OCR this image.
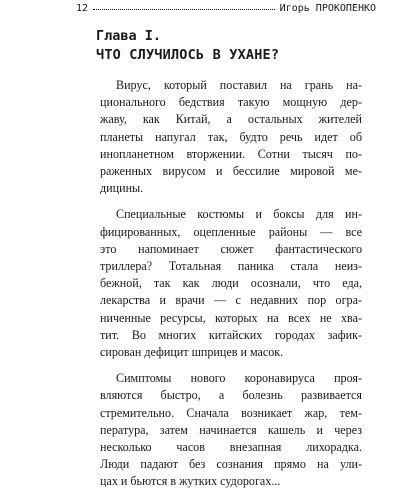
12	Игорь ПРОКОПЕНКО
Глава I.
ЧТО СЛУЧИЛОСЬ В УХАНЕ?
Вирус, который поставил на грань на-
ционального бедствия такую мощную дер-
жаву, как Китай, а остальных жителей
планеты напугал так, будто речь идет об
инопланетном вторжении. Сотни тысяч по-
раженных вирусом и бессилие мировой ме-
дицины.
Специальные костюмы и боксы для ин-
фицированных, оцепленные районы — все
это напоминает сюжет фантастического
триллера? Тотальная паника стала неиз-
бежной, так как люди осознали, что еда,
лекарства и врачи — с недавних пор огра-
ниченные ресурсы, которых на всех не хва-
тит. Во многих китайских городах зафик-
сирован дефицит шприцев и масок.
Симптомы нового коронавируса проя-
вляются быстро, а болезнь развивается
стремительно. Сначала возникает жар, тем-
пература, затем начинается кашель и через
несколько часов внезапная лихорадка.
Люди падают без сознания прямо на ули-
цах и бьются в жутких судорогах...
